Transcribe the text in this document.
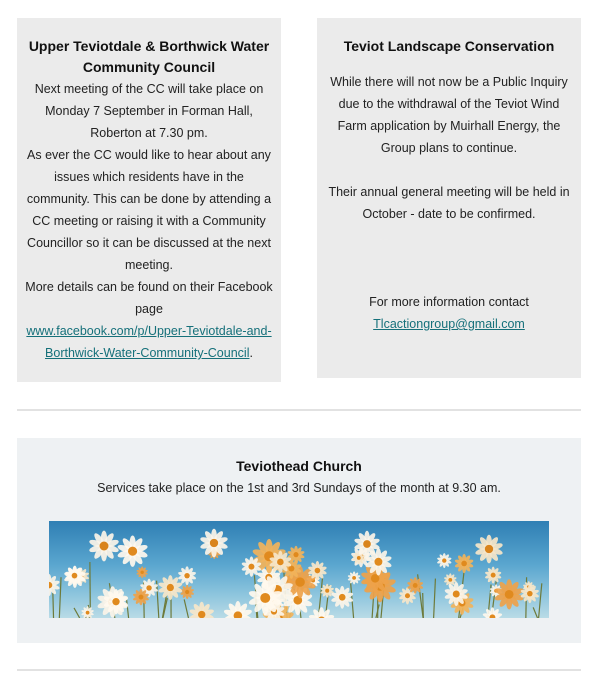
Upper Teviotdale & Borthwick Water Community Council

Next meeting of the CC will take place on Monday 7 September in Forman Hall, Roberton at 7.30 pm.

As ever the CC would like to hear about any issues which residents have in the community. This can be done by attending a CC meeting or raising it with a Community Councillor so it can be discussed at the next meeting.

More details can be found on their Facebook page

www.facebook.com/p/Upper-Teviotdale-and-Borthwick-Water-Community-Council.

Teviot Landscape Conservation

While there will not now be a Public Inquiry due to the withdrawal of the Teviot Wind Farm application by Muirhall Energy, the Group plans to continue.

Their annual general meeting will be held in October - date to be confirmed.

For more information contact

Tlcactiongroup@gmail.com

Teviothead Church

Services take place on the 1st and 3rd Sundays of the month at 9.30 am.
